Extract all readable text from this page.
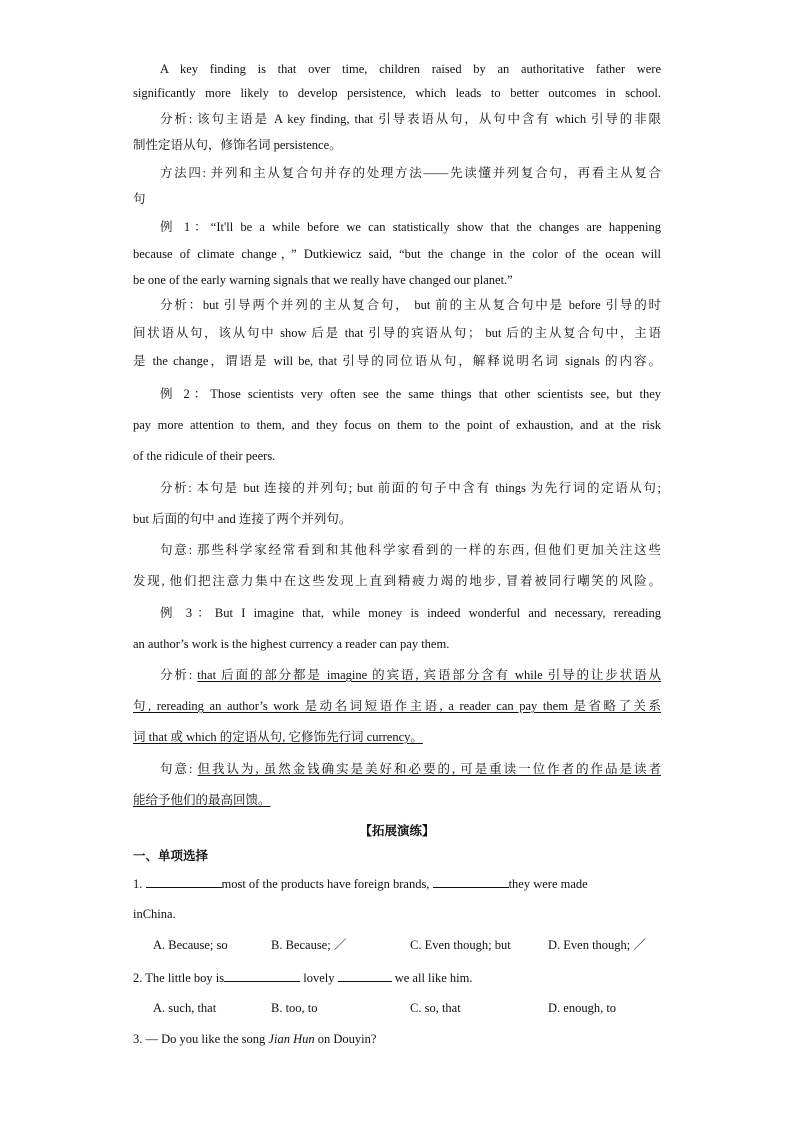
A key finding is that over time, children raised by an authoritative father were
significantly more likely to develop persistence, which leads to better outcomes in school.
分析: 该句主语是 A key finding, that 引导表语从句，从句中含有 which 引导的非限
制性定语从句，修饰名词 persistence。
方法四: 并列和主从复合句并存的处理方法——先读懂并列复合句，再看主从复合
句
例 1：“It'll be a while before we can statistically show that the changes are happening
because of climate change，” Dutkiewicz said, “but the change in the color of the ocean will
be one of the early warning signals that we really have changed our planet.”
分析：but 引导两个并列的主从复合句， but 前的主从复合句中是 before 引导的时
间状语从句，该从句中 show 后是 that 引导的宾语从句； but 后的主从复合句中，主语
是 the change，谓语是 will be, that 引导的同位语从句，解释说明名词 signals 的内容。
例 2：Those scientists very often see the same things that other scientists see, but they
pay more attention to them, and they focus on them to the point of exhaustion, and at the risk
of the ridicule of their peers.
分析: 本句是 but 连接的并列句; but 前面的句子中含有 things 为先行词的定语从句;
but 后面的句中 and 连接了两个并列句。
句意: 那些科学家经常看到和其他科学家看到的一样的东西, 但他们更加关注这些
发现, 他们把注意力集中在这些发现上直到精疲力竭的地步, 冒着被同行嘲笑的风险。
例 3：But I imagine that, while money is indeed wonderful and necessary, rereading
an author’s work is the highest currency a reader can pay them.
分析: that 后面的部分都是 imagine 的宾语, 宾语部分含有 while 引导的让步状语从
句, rereading an author’s work 是动名词短语作主语, a reader can pay them 是省略了关系
词 that 或 which 的定语从句, 它修饰先行词 currency。
句意: 但我认为, 虽然金钱确实是美好和必要的, 可是重读一位作者的作品是读者
能给予他们的最高回馈。
【拓展演练】
一、单项选择
1.	most of the products have foreign brands,	they were made
inChina.
A. Because; so	B. Because; ／	C. Even though; but	D. Even though; ／
2. The little boy is	lovely	we all like him.
A. such, that	B. too, to	C. so, that	D. enough, to
3. — Do you like the song Jian Hun on Douyin?
